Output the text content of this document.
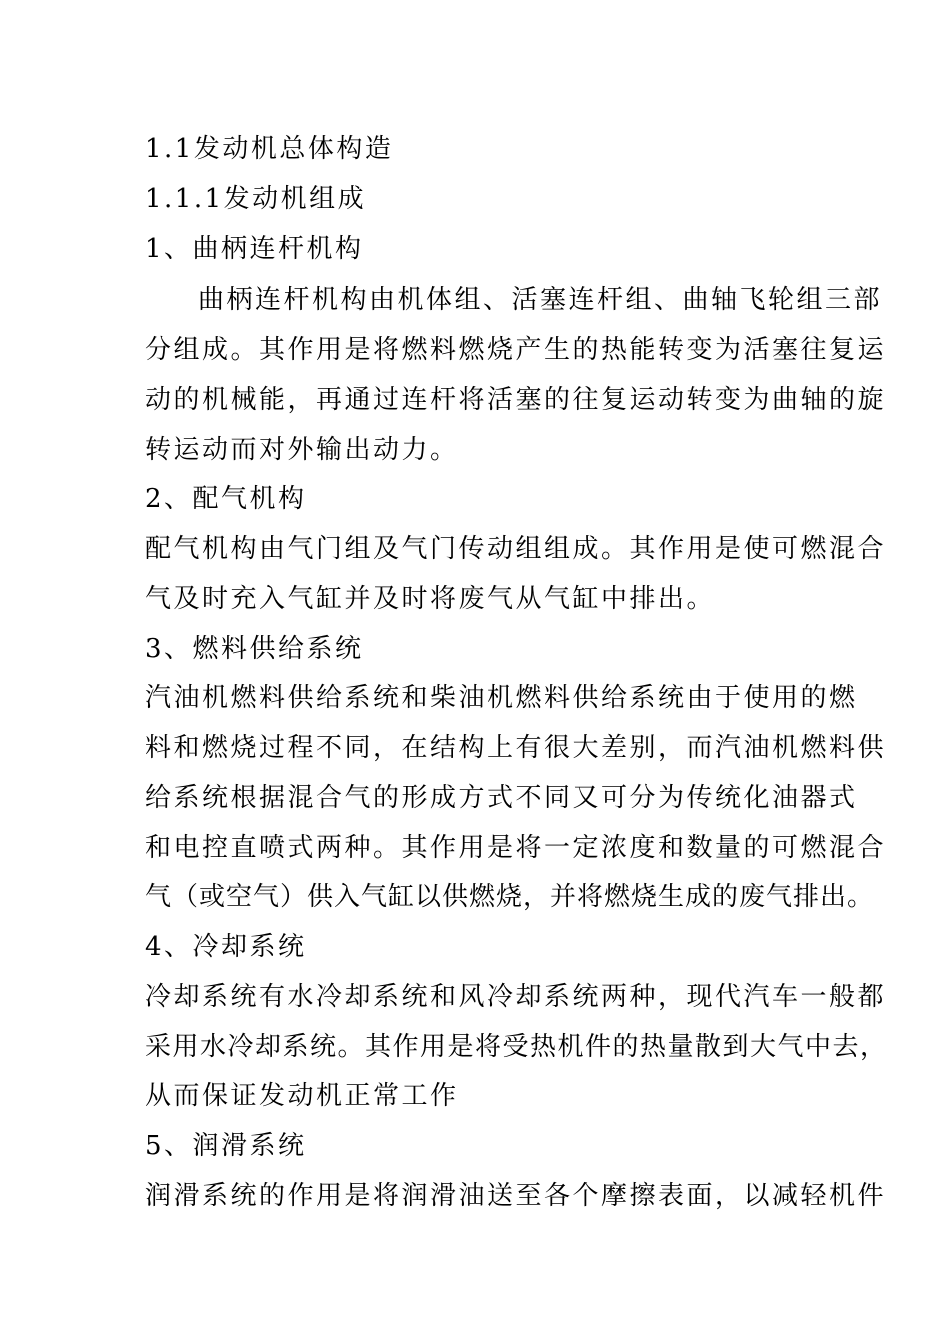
1.1发动机总体构造
1.1.1发动机组成
1、曲柄连杆机构
曲柄连杆机构由机体组、活塞连杆组、曲轴飞轮组三部
分组成。其作用是将燃料燃烧产生的热能转变为活塞往复运
动的机械能，再通过连杆将活塞的往复运动转变为曲轴的旋
转运动而对外输出动力。
2、配气机构
配气机构由气门组及气门传动组组成。其作用是使可燃混合
气及时充入气缸并及时将废气从气缸中排出。
3、燃料供给系统
汽油机燃料供给系统和柴油机燃料供给系统由于使用的燃
料和燃烧过程不同，在结构上有很大差别，而汽油机燃料供
给系统根据混合气的形成方式不同又可分为传统化油器式
和电控直喷式两种。其作用是将一定浓度和数量的可燃混合
气（或空气）供入气缸以供燃烧，并将燃烧生成的废气排出。
4、冷却系统
冷却系统有水冷却系统和风冷却系统两种，现代汽车一般都
采用水冷却系统。其作用是将受热机件的热量散到大气中去，
从而保证发动机正常工作
5、润滑系统
润滑系统的作用是将润滑油送至各个摩擦表面，以减轻机件
